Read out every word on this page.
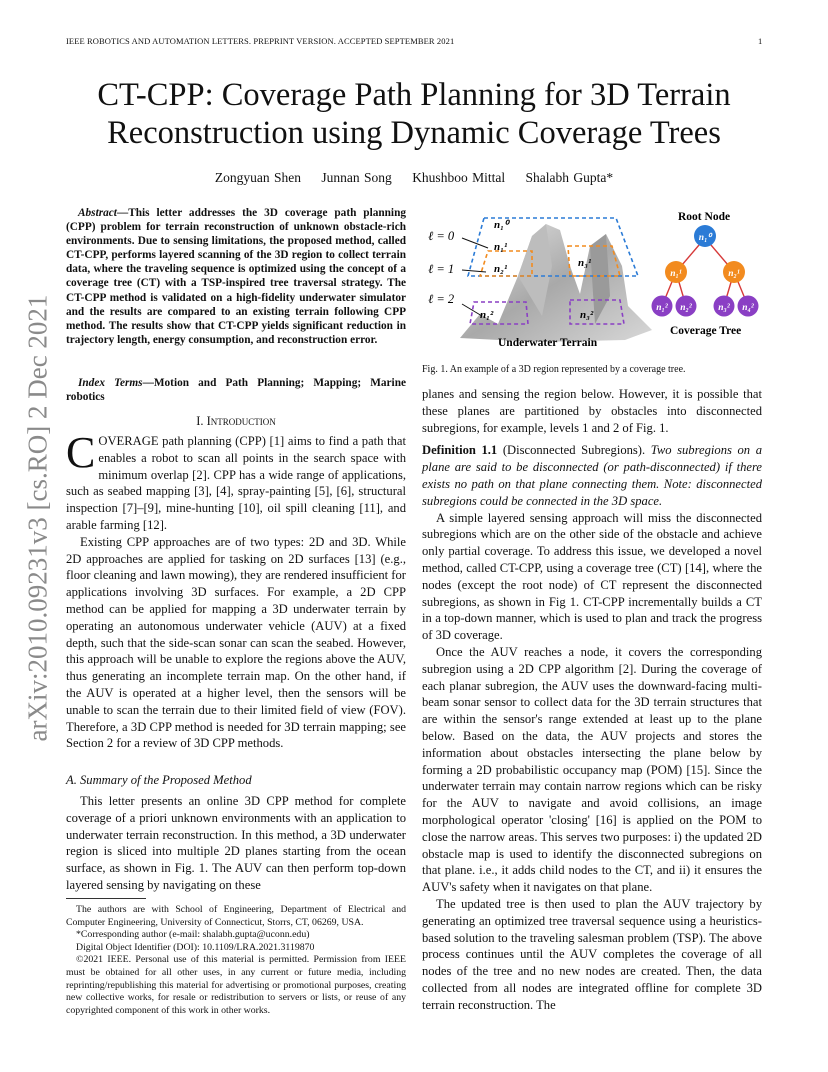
IEEE ROBOTICS AND AUTOMATION LETTERS. PREPRINT VERSION. ACCEPTED SEPTEMBER 2021	1
arXiv:2010.09231v3 [cs.RO] 2 Dec 2021
CT-CPP: Coverage Path Planning for 3D Terrain
Reconstruction using Dynamic Coverage Trees
Zongyuan Shen Junnan Song Khushboo Mittal Shalabh Gupta*
Abstract—This letter addresses the 3D coverage path planning (CPP) problem for terrain reconstruction of unknown obstacle-rich environments. Due to sensing limitations, the proposed method, called CT-CPP, performs layered scanning of the 3D region to collect terrain data, where the traveling sequence is optimized using the concept of a coverage tree (CT) with a TSP-inspired tree traversal strategy. The CT-CPP method is validated on a high-fidelity underwater simulator and the results are compared to an existing terrain following CPP method. The results show that CT-CPP yields significant reduction in trajectory length, energy consumption, and reconstruction error.
Index Terms—Motion and Path Planning; Mapping; Marine robotics
I. Introduction

COVERAGE path planning (CPP) [1] aims to find a path that enables a robot to scan all points in the search space with minimum overlap [2]. CPP has a wide range of applications, such as seabed mapping [3], [4], spray-painting [5], [6], structural inspection [7]–[9], mine-hunting [10], oil spill cleaning [11], and arable farming [12].

Existing CPP approaches are of two types: 2D and 3D. While 2D approaches are applied for tasking on 2D surfaces [13] (e.g., floor cleaning and lawn mowing), they are rendered insufficient for applications involving 3D surfaces. For example, a 2D CPP method can be applied for mapping a 3D underwater terrain by operating an autonomous underwater vehicle (AUV) at a fixed depth, such that the side-scan sonar can scan the seabed. However, this approach will be unable to explore the regions above the AUV, thus generating an incomplete terrain map. On the other hand, if the AUV is operated at a higher level, then the sensors will be unable to scan the terrain due to their limited field of view (FOV). Therefore, a 3D CPP method is needed for 3D terrain mapping; see Section 2 for a review of 3D CPP methods.

A. Summary of the Proposed Method

This letter presents an online 3D CPP method for complete coverage of a priori unknown environments with an application to underwater terrain reconstruction. In this method, a 3D underwater region is sliced into multiple 2D planes starting from the ocean surface, as shown in Fig. 1. The AUV can then perform top-down layered sensing by navigating on these

The authors are with School of Engineering, Department of Electrical and Computer Engineering, University of Connecticut, Storrs, CT, 06269, USA.

*Corresponding author (e-mail: shalabh.gupta@uconn.edu)

Digital Object Identifier (DOI): 10.1109/LRA.2021.3119870

©2021 IEEE. Personal use of this material is permitted. Permission from IEEE must be obtained for all other uses, in any current or future media, including reprinting/republishing this material for advertising or promotional purposes, creating new collective works, for resale or redistribution to servers or lists, or reuse of any copyrighted component of this work in other works.

ℓ = 0
ℓ = 1
ℓ = 2
n₁⁰
n₁¹
n₂¹	n₃¹
n₁²	n₃²
Underwater Terrain
Root Node
n₁⁰
n₁¹	n₂¹
n₁² n₂²	n₃² n₄²
Coverage Tree
Fig. 1. An example of a 3D region represented by a coverage tree.

planes and sensing the region below. However, it is possible that these planes are partitioned by obstacles into disconnected subregions, for example, levels 1 and 2 of Fig. 1.

Definition 1.1 (Disconnected Subregions). Two subregions on a plane are said to be disconnected (or path-disconnected) if there exists no path on that plane connecting them. Note: disconnected subregions could be connected in the 3D space.

A simple layered sensing approach will miss the disconnected subregions which are on the other side of the obstacle and achieve only partial coverage. To address this issue, we developed a novel method, called CT-CPP, using a coverage tree (CT) [14], where the nodes (except the root node) of CT represent the disconnected subregions, as shown in Fig 1. CT-CPP incrementally builds a CT in a top-down manner, which is used to plan and track the progress of 3D coverage.

Once the AUV reaches a node, it covers the corresponding subregion using a 2D CPP algorithm [2]. During the coverage of each planar subregion, the AUV uses the downward-facing multi-beam sonar sensor to collect data for the 3D terrain structures that are within the sensor's range extended at least up to the plane below. Based on the data, the AUV projects and stores the information about obstacles intersecting the plane below by forming a 2D probabilistic occupancy map (POM) [15]. Since the underwater terrain may contain narrow regions which can be risky for the AUV to navigate and avoid collisions, an image morphological operator 'closing' [16] is applied on the POM to close the narrow areas. This serves two purposes: i) the updated 2D obstacle map is used to identify the disconnected subregions on that plane. i.e., it adds child nodes to the CT, and ii) it ensures the AUV's safety when it navigates on that plane.

The updated tree is then used to plan the AUV trajectory by generating an optimized tree traversal sequence using a heuristics-based solution to the traveling salesman problem (TSP). The above process continues until the AUV completes the coverage of all nodes of the tree and no new nodes are created. Then, the data collected from all nodes are integrated offline for complete 3D terrain reconstruction. The
